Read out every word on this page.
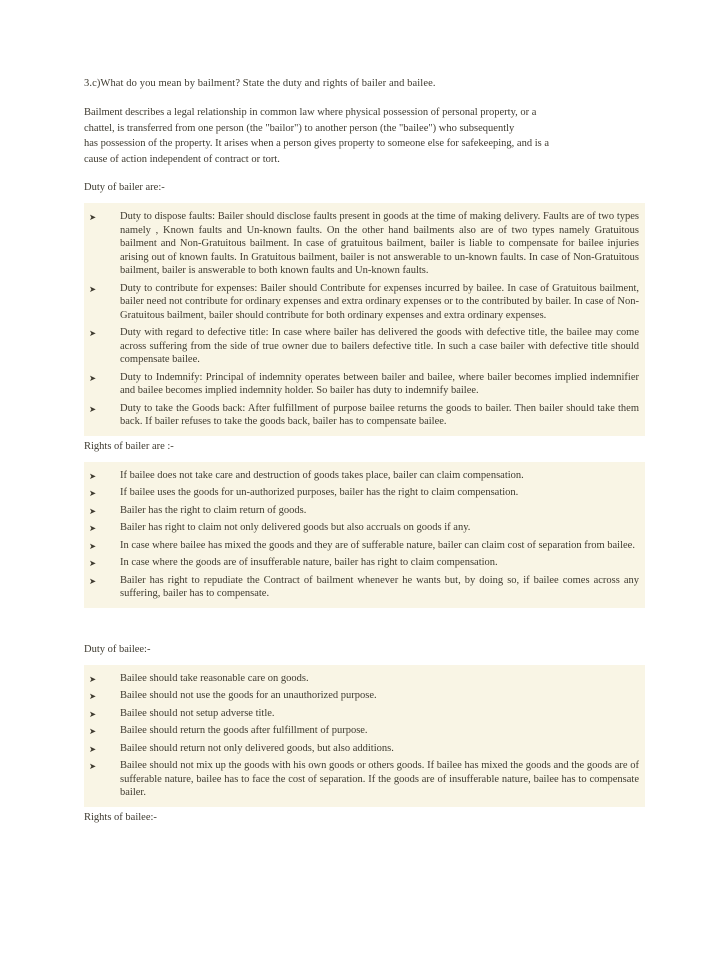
3.c)What do you mean by bailment? State the duty and rights of bailer and bailee.
Bailment describes a legal relationship in common law where physical possession of personal property, or a
chattel, is transferred from one person (the "bailor") to another person (the "bailee") who subsequently
has possession of the property. It arises when a person gives property to someone else for safekeeping, and is a
cause of action independent of contract or tort.
Duty of bailer are:-
➤ Duty to dispose faults: Bailer should disclose faults present in goods at the time of making delivery. Faults are of two types namely , Known faults and Un-known faults. On the other hand bailments also are of two types namely Gratuitous bailment and Non-Gratuitous bailment. In case of gratuitous bailment, bailer is liable to compensate for bailee injuries arising out of known faults. In Gratuitous bailment, bailer is not answerable to un-known faults. In case of Non-Gratuitous bailment, bailer is answerable to both known faults and Un-known faults.
➤ Duty to contribute for expenses: Bailer should Contribute for expenses incurred by bailee. In case of Gratuitous bailment, bailer need not contribute for ordinary expenses and extra ordinary expenses or to the contributed by bailer. In case of Non-Gratuitous bailment, bailer should contribute for both ordinary expenses and extra ordinary expenses.
➤ Duty with regard to defective title: In case where bailer has delivered the goods with defective title, the bailee may come across suffering from the side of true owner due to bailers defective title. In such a case bailer with defective title should compensate bailee.
➤ Duty to Indemnify: Principal of indemnity operates between bailer and bailee, where bailer becomes implied indemnifier and bailee becomes implied indemnity holder. So bailer has duty to indemnify bailee.
➤ Duty to take the Goods back: After fulfillment of purpose bailee returns the goods to bailer. Then bailer should take them back. If bailer refuses to take the goods back, bailer has to compensate bailee.
Rights of bailer are :-
➤ If bailee does not take care and destruction of goods takes place, bailer can claim compensation.
➤ If bailee uses the goods for un-authorized purposes, bailer has the right to claim compensation.
➤ Bailer has the right to claim return of goods.
➤ Bailer has right to claim not only delivered goods but also accruals on goods if any.
➤ In case where bailee has mixed the goods and they are of sufferable nature, bailer can claim cost of separation from bailee.
➤ In case where the goods are of insufferable nature, bailer has right to claim compensation.
➤ Bailer has right to repudiate the Contract of bailment whenever he wants but, by doing so, if bailee comes across any suffering, bailer has to compensate.
Duty of bailee:-
➤ Bailee should take reasonable care on goods.
➤ Bailee should not use the goods for an unauthorized purpose.
➤ Bailee should not setup adverse title.
➤ Bailee should return the goods after fulfillment of purpose.
➤ Bailee should return not only delivered goods, but also additions.
➤ Bailee should not mix up the goods with his own goods or others goods. If bailee has mixed the goods and the goods are of sufferable nature, bailee has to face the cost of separation. If the goods are of insufferable nature, bailee has to compensate bailer.
Rights of bailee:-
